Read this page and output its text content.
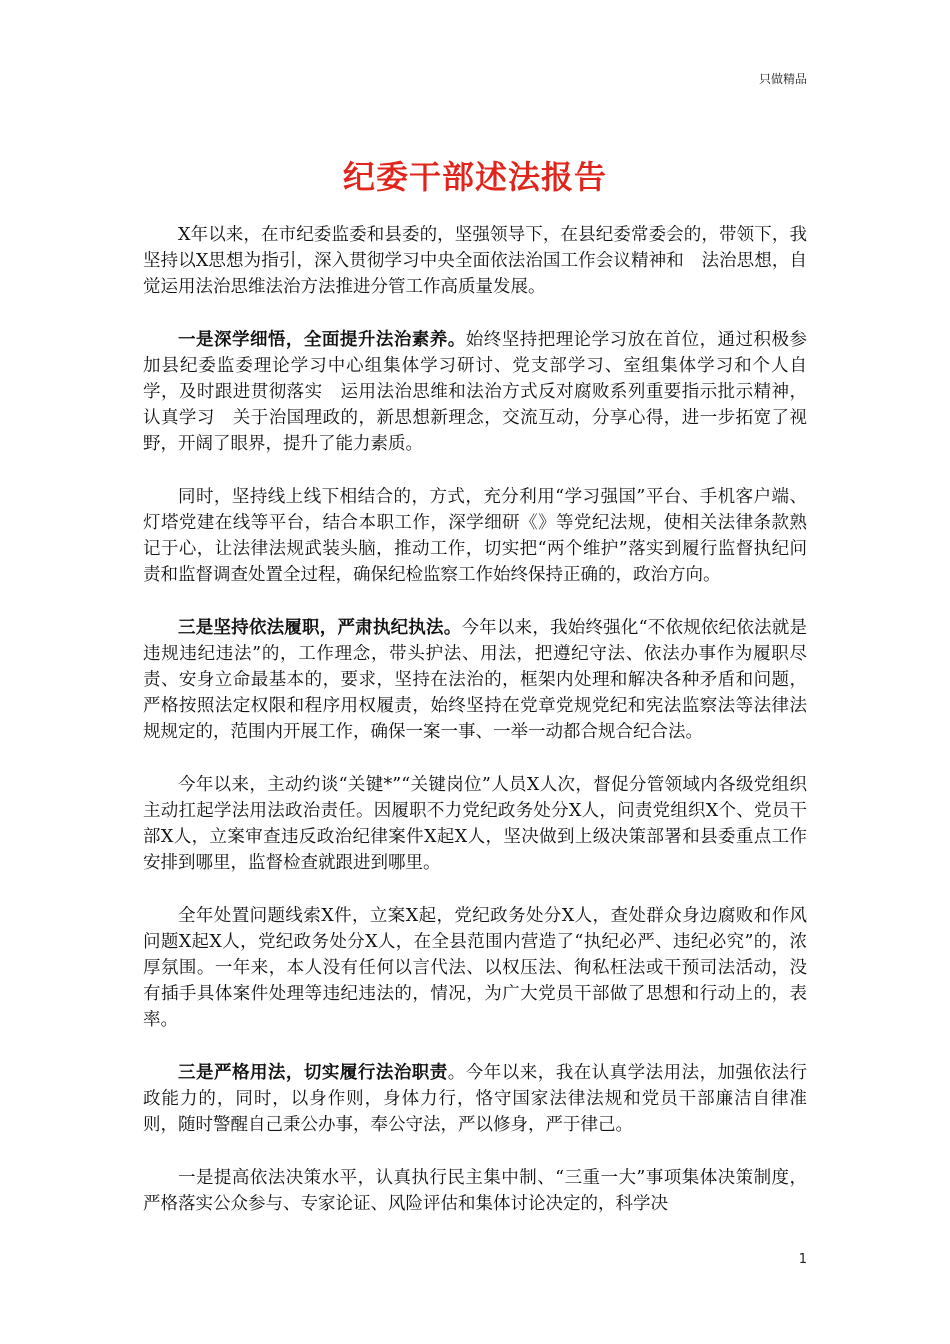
只做精品
纪委干部述法报告

X年以来，在市纪委监委和县委的，坚强领导下，在县纪委常委会的，带领下，我坚持以X思想为指引，深入贯彻学习中央全面依法治国工作会议精神和　法治思想，自觉运用法治思维法治方法推进分管工作高质量发展。

一是深学细悟，全面提升法治素养。始终坚持把理论学习放在首位，通过积极参加县纪委监委理论学习中心组集体学习研讨、党支部学习、室组集体学习和个人自学，及时跟进贯彻落实　运用法治思维和法治方式反对腐败系列重要指示批示精神，认真学习　关于治国理政的，新思想新理念，交流互动，分享心得，进一步拓宽了视野，开阔了眼界，提升了能力素质。

同时，坚持线上线下相结合的，方式，充分利用“学习强国”平台、手机客户端、灯塔党建在线等平台，结合本职工作，深学细研《》等党纪法规，使相关法律条款熟记于心，让法律法规武装头脑，推动工作，切实把“两个维护”落实到履行监督执纪问责和监督调查处置全过程，确保纪检监察工作始终保持正确的，政治方向。

三是坚持依法履职，严肃执纪执法。今年以来，我始终强化“不依规依纪依法就是违规违纪违法”的，工作理念，带头护法、用法，把遵纪守法、依法办事作为履职尽责、安身立命最基本的，要求，坚持在法治的，框架内处理和解决各种矛盾和问题，严格按照法定权限和程序用权履责，始终坚持在党章党规党纪和宪法监察法等法律法规规定的，范围内开展工作，确保一案一事、一举一动都合规合纪合法。

今年以来，主动约谈“关键*”“关键岗位”人员X人次，督促分管领域内各级党组织主动扛起学法用法政治责任。因履职不力党纪政务处分X人，问责党组织X个、党员干部X人，立案审查违反政治纪律案件X起X人，坚决做到上级决策部署和县委重点工作安排到哪里，监督检查就跟进到哪里。

全年处置问题线索X件，立案X起，党纪政务处分X人，查处群众身边腐败和作风问题X起X人，党纪政务处分X人，在全县范围内营造了“执纪必严、违纪必究”的，浓厚氛围。一年来，本人没有任何以言代法、以权压法、徇私枉法或干预司法活动，没有插手具体案件处理等违纪违法的，情况，为广大党员干部做了思想和行动上的，表率。

三是严格用法，切实履行法治职责。今年以来，我在认真学法用法，加强依法行政能力的，同时，以身作则，身体力行，恪守国家法律法规和党员干部廉洁自律准则，随时警醒自己秉公办事，奉公守法，严以修身，严于律己。

一是提高依法决策水平，认真执行民主集中制、“三重一大”事项集体决策制度，严格落实公众参与、专家论证、风险评估和集体讨论决定的，科学决

1
